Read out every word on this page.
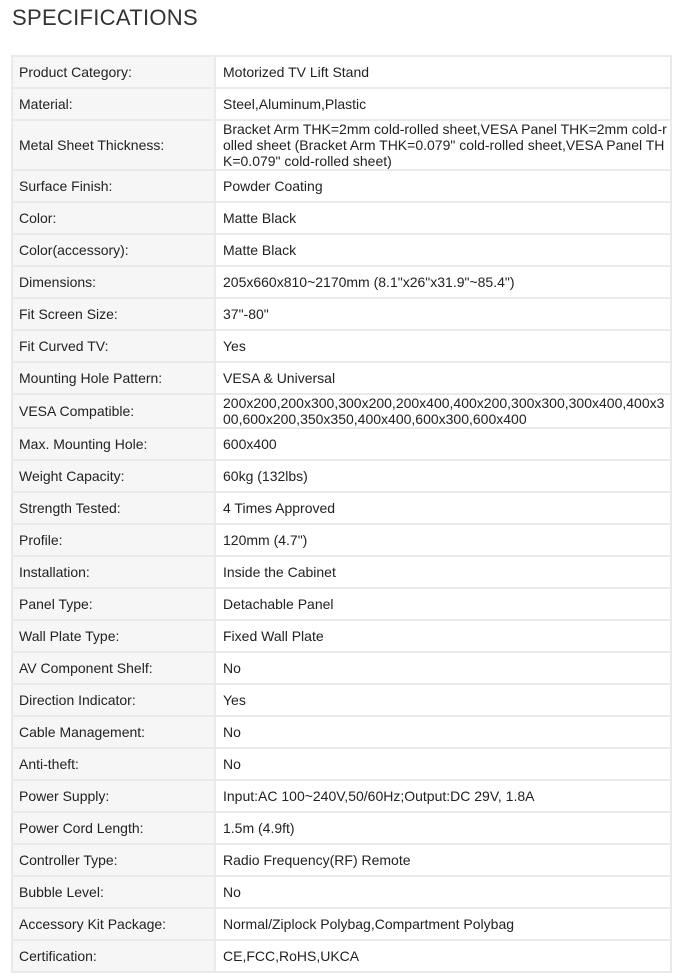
SPECIFICATIONS
Product Category:	Motorized TV Lift Stand
Material:	Steel,Aluminum,Plastic
Metal Sheet Thickness:	Bracket Arm THK=2mm cold-rolled sheet,VESA Panel THK=2mm cold-rolled sheet (Bracket Arm THK=0.079" cold-rolled sheet,VESA Panel THK=0.079" cold-rolled sheet)
Surface Finish:	Powder Coating
Color:	Matte Black
Color(accessory):	Matte Black
Dimensions:	205x660x810~2170mm (8.1"x26"x31.9"~85.4")
Fit Screen Size:	37"-80"
Fit Curved TV:	Yes
Mounting Hole Pattern:	VESA & Universal
VESA Compatible:	200x200,200x300,300x200,200x400,400x200,300x300,300x400,400x300,600x200,350x350,400x400,600x300,600x400
Max. Mounting Hole:	600x400
Weight Capacity:	60kg (132lbs)
Strength Tested:	4 Times Approved
Profile:	120mm (4.7")
Installation:	Inside the Cabinet
Panel Type:	Detachable Panel
Wall Plate Type:	Fixed Wall Plate
AV Component Shelf:	No
Direction Indicator:	Yes
Cable Management:	No
Anti-theft:	No
Power Supply:	Input:AC 100~240V,50/60Hz;Output:DC 29V, 1.8A
Power Cord Length:	1.5m (4.9ft)
Controller Type:	Radio Frequency(RF) Remote
Bubble Level:	No
Accessory Kit Package:	Normal/Ziplock Polybag,Compartment Polybag
Certification:	CE,FCC,RoHS,UKCA
